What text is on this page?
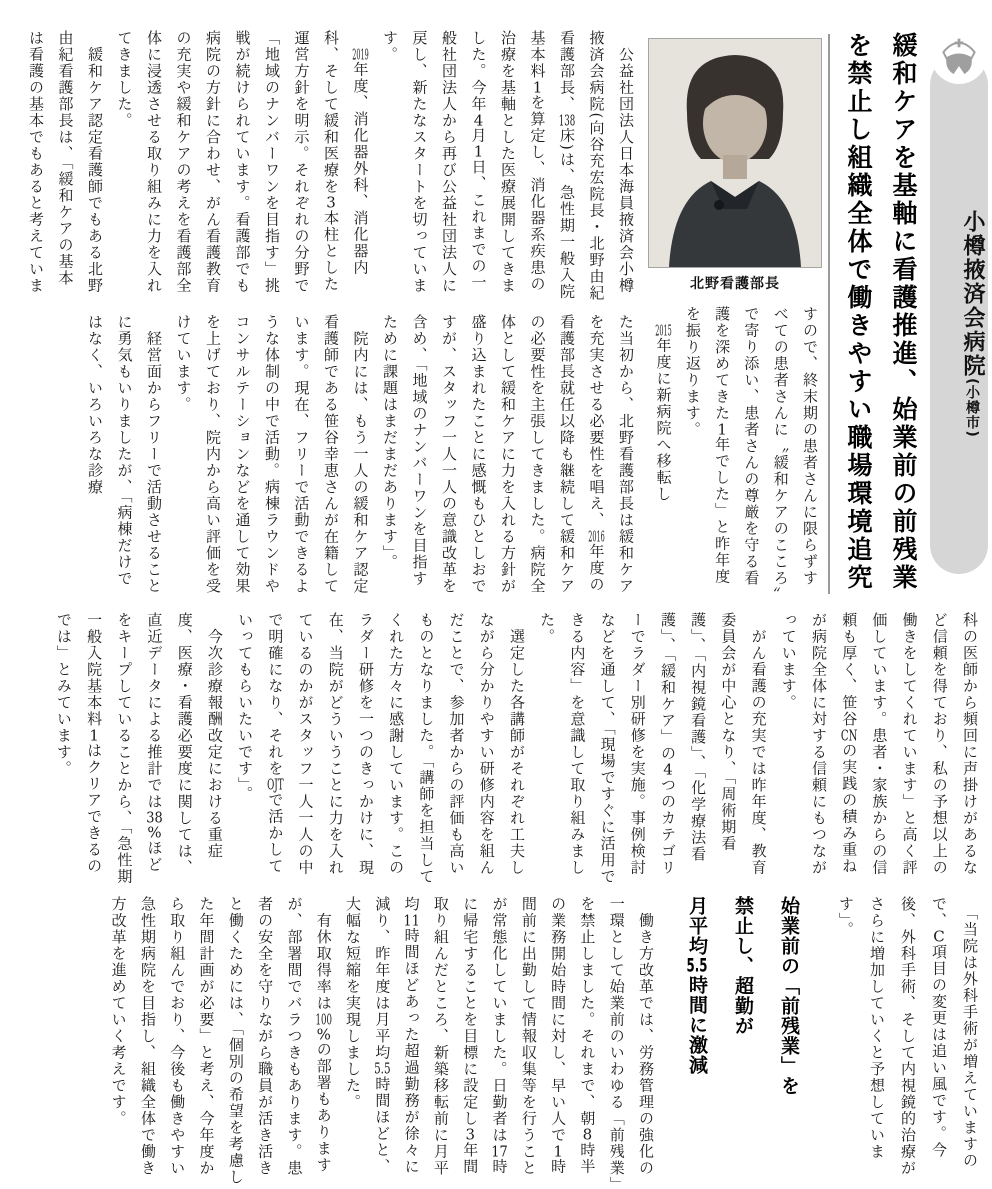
小樽掖済会病院(小樽市)
緩和ケアを基軸に看護推進、始業前の前残業
を禁止し組織全体で働きやすい職場環境追究
北野看護部長

　公益社団法人日本海員掖済会小樽掖済会病院(向谷充宏院長・北野由紀看護部長、138床)は、急性期一般入院基本料1を算定し、消化器系疾患の治療を基軸とした医療展開してきました。今年4月1日、これまでの一般社団法人から再び公益社団法人に戻し、新たなスタートを切っています。

　2019年度、消化器外科、消化器内科、そして緩和医療を3本柱とした運営方針を明示。それぞれの分野で「地域のナンバーワンを目指す」挑戦が続けられています。看護部でも病院の方針に合わせ、がん看護教育の充実や緩和ケアの考えを看護部全体に浸透させる取り組みに力を入れてきました。

　緩和ケア認定看護師でもある北野由紀看護部長は、「緩和ケアの基本は看護の基本でもあると考えていま

すので、終末期の患者さんに限らずすべての患者さんに〝緩和ケアのこころ〟で寄り添い、患者さんの尊厳を守る看護を深めてきた1年でした」と昨年度を振り返ります。

　2015年度に新病院へ移転し

た当初から、北野看護部長は緩和ケアを充実させる必要性を唱え、2016年度の看護部長就任以降も継続して緩和ケアの必要性を主張してきました。病院全体として緩和ケアに力を入れる方針が盛り込まれたことに感慨もひとしおですが、スタッフ一人一人の意識改革を含め、「地域のナンバーワンを目指すために課題はまだまだあります」。

　院内には、もう一人の緩和ケア認定看護師である笹谷幸恵さんが在籍しています。現在、フリーで活動できるような体制の中で活動。病棟ラウンドやコンサルテーションなどを通して効果を上げており、院内から高い評価を受けています。

　経営面からフリーで活動させることに勇気もいりましたが、「病棟だけではなく、いろいろな診療

科の医師から頻回に声掛けがあるなど信頼を得ており、私の予想以上の働きをしてくれています」と高く評価しています。患者・家族からの信頼も厚く、笹谷CNの実践の積み重ねが病院全体に対する信頼にもつながっています。

　がん看護の充実では昨年度、教育委員会が中心となり、「周術期看護」、「内視鏡看護」、「化学療法看護」、「緩和ケア」の4つのカテゴリーでラダー別研修を実施。事例検討などを通して、「現場ですぐに活用できる内容」を意識して取り組みました。

　選定した各講師がそれぞれ工夫しながら分かりやすい研修内容を組んだことで、参加者からの評価も高いものとなりました。「講師を担当してくれた方々に感謝しています。このラダー研修を一つのきっかけに、現在、当院がどういうことに力を入れているのかがスタッフ一人一人の中で明確になり、それをOJTで活かしていってもらいたいです」。

　今次診療報酬改定における重症度、医療・看護必要度に関しては、直近データによる推計では38%ほどをキープしていることから、「急性期一般入院基本料1はクリアできるのでは」とみています。

　「当院は外科手術が増えていますので、C項目の変更は追い風です。今後、外科手術、そして内視鏡的治療がさらに増加していくと予想しています」。

始業前の「前残業」を
禁止し、超勤が
月平均5.5時間に激減

　働き方改革では、労務管理の強化の一環として始業前のいわゆる「前残業」を禁止しました。それまで、朝8時半の業務開始時間に対し、早い人で1時間前に出勤して情報収集等を行うことが常態化していました。日勤者は17時に帰宅することを目標に設定し3年間取り組んだところ、新築移転前に月平均11時間ほどあった超過勤務が徐々に減り、昨年度は月平均5.5時間ほどと、大幅な短縮を実現しました。

　有休取得率は100%の部署もありますが、部署間でバラつきもあります。患者の安全を守りながら職員が活き活きと働くためには、「個別の希望を考慮した年間計画が必要」と考え、今年度から取り組んでおり、今後も働きやすい急性期病院を目指し、組織全体で働き方改革を進めていく考えです。
